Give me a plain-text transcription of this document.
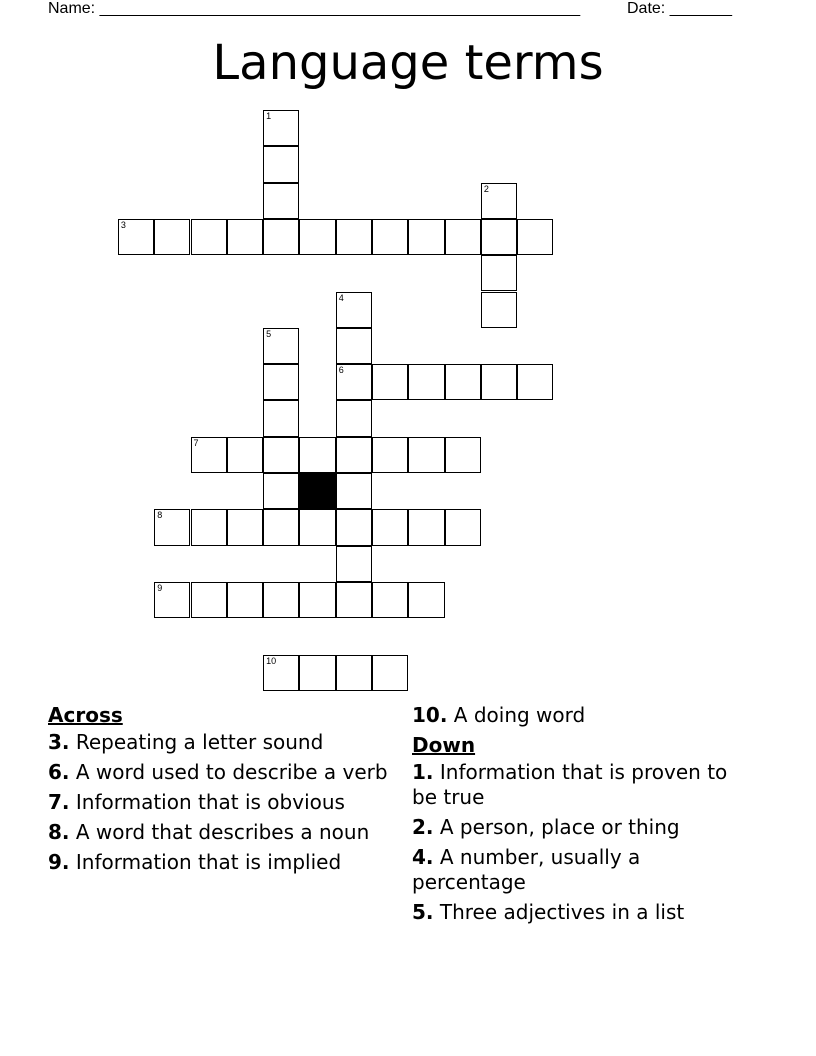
Name: ______________________________________________________	Date: _______
Language terms
1
2
3
4
5
6
7
8
9
10
Across
3. Repeating a letter sound
6. A word used to describe a verb
7. Information that is obvious
8. A word that describes a noun
9. Information that is implied
10. A doing word
Down
1. Information that is proven to be true
2. A person, place or thing
4. A number, usually a percentage
5. Three adjectives in a list
